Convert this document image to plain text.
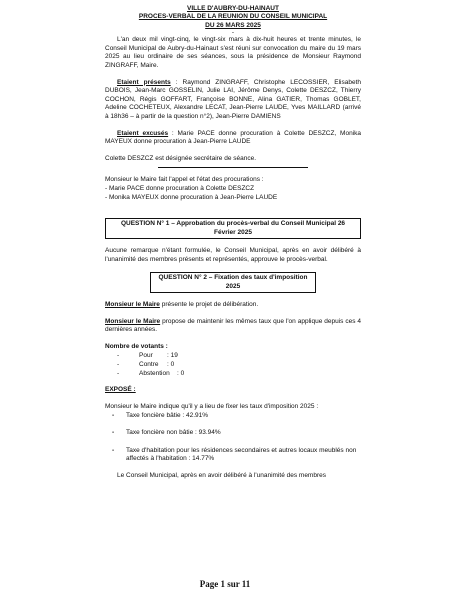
VILLE D'AUBRY-DU-HAINAUT
PROCES-VERBAL DE LA REUNION DU CONSEIL MUNICIPAL
DU 26 MARS 2025
-

L'an deux mil vingt-cinq, le vingt-six mars à dix-huit heures et trente minutes, le Conseil Municipal de Aubry-du-Hainaut s'est réuni sur convocation du maire du 19 mars 2025 au lieu ordinaire de ses séances, sous la présidence de Monsieur Raymond ZINGRAFF, Maire.

Etaient présents : Raymond ZINGRAFF, Christophe LECOSSIER, Elisabeth DUBOIS, Jean-Marc GOSSELIN, Julie LAI, Jérôme Denys, Colette DESZCZ, Thierry COCHON, Régis GOFFART, Françoise BONNE, Alina GATIER, Thomas GOBLET, Adeline COCHETEUX, Alexandre LECAT, Jean-Pierre LAUDE, Yves MAILLARD (arrivé à 18h36 – à partir de la question n°2), Jean-Pierre DAMIENS

Etaient excusés : Marie PACE donne procuration à Colette DESZCZ, Monika MAYEUX donne procuration à Jean-Pierre LAUDE

Colette DESZCZ est désignée secrétaire de séance.

Monsieur le Maire fait l'appel et l'état des procurations :

- Marie PACE donne procuration à Colette DESZCZ

- Monika MAYEUX donne procuration à Jean-Pierre LAUDE

QUESTION N° 1 – Approbation du procès-verbal du Conseil Municipal 26 Février 2025

Aucune remarque n'étant formulée, le Conseil Municipal, après en avoir délibéré à l'unanimité des membres présents et représentés, approuve le procès-verbal.

QUESTION N° 2 – Fixation des taux d'imposition 2025

Monsieur le Maire présente le projet de délibération.

Monsieur le Maire propose de maintenir les mêmes taux que l'on applique depuis ces 4 dernières années.

Nombre de votants :

- Pour : 19
- Contre : 0
- Abstention : 0

EXPOSÉ :

Monsieur le Maire indique qu'il y a lieu de fixer les taux d'imposition 2025 :

- Taxe foncière bâtie : 42.91%
- Taxe foncière non bâtie : 93.94%
- Taxe d'habitation pour les résidences secondaires et autres locaux meublés non affectés à l'habitation : 14.77%

Le Conseil Municipal, après en avoir délibéré à l'unanimité des membres

Page 1 sur 11
